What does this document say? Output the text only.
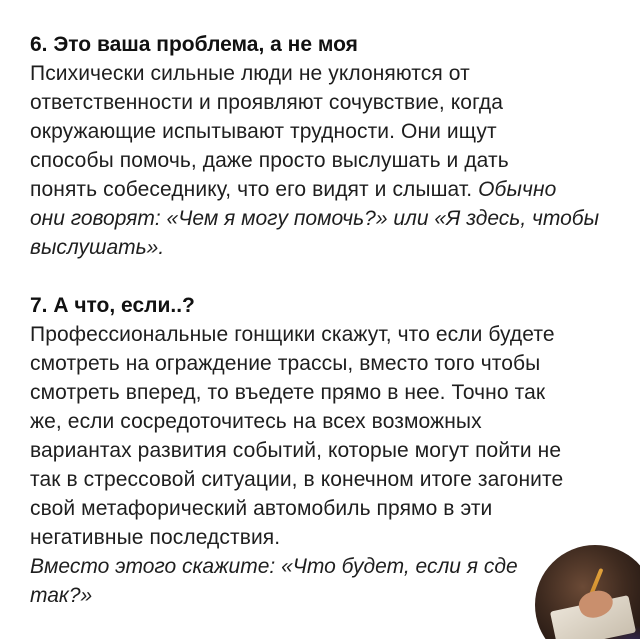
6. Это ваша проблема, а не моя

Психически сильные люди не уклоняются от

ответственности и проявляют сочувствие, когда

окружающие испытывают трудности. Они ищут

способы помочь, даже просто выслушать и дать

понять собеседнику, что его видят и слышат. Обычно

они говорят: «Чем я могу помочь?» или «Я здесь, чтобы

выслушать».

7. А что, если..?

Профессиональные гонщики скажут, что если будете

смотреть на ограждение трассы, вместо того чтобы

смотреть вперед, то въедете прямо в нее. Точно так

же, если сосредоточитесь на всех возможных

вариантах развития событий, которые могут пойти не

так в стрессовой ситуации, в конечном итоге загоните

свой метафорический автомобиль прямо в эти

негативные последствия.

Вместо этого скажите: «Что будет, если я сде

так?»
